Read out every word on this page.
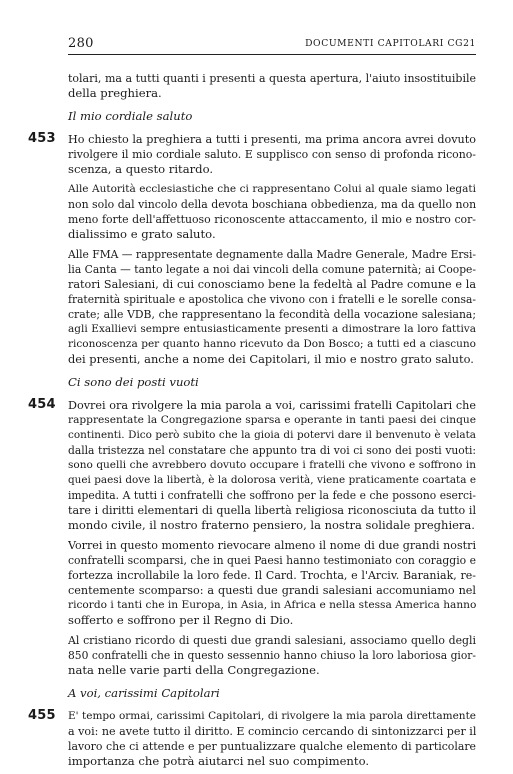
280	DOCUMENTI CAPITOLARI CG21
tolari, ma a tutti quanti i presenti a questa apertura, l'aiuto insostituibile
della preghiera.
Il mio cordiale saluto
453 Ho chiesto la preghiera a tutti i presenti, ma prima ancora avrei dovuto
rivolgere il mio cordiale saluto. E supplisco con senso di profonda ricono-
scenza, a questo ritardo.
Alle Autorità ecclesiastiche che ci rappresentano Colui al quale siamo legati
non solo dal vincolo della devota boschiana obbedienza, ma da quello non
meno forte dell'affettuoso riconoscente attaccamento, il mio e nostro cor-
dialissimo e grato saluto.
Alle FMA — rappresentate degnamente dalla Madre Generale, Madre Ersi-
lia Canta — tanto legate a noi dai vincoli della comune paternità; ai Coope-
ratori Salesiani, di cui conosciamo bene la fedeltà al Padre comune e la
fraternità spirituale e apostolica che vivono con i fratelli e le sorelle consa-
crate; alle VDB, che rappresentano la fecondità della vocazione salesiana;
agli Exallievi sempre entusiasticamente presenti a dimostrare la loro fattiva
riconoscenza per quanto hanno ricevuto da Don Bosco; a tutti ed a ciascuno
dei presenti, anche a nome dei Capitolari, il mio e nostro grato saluto.
Ci sono dei posti vuoti
454 Dovrei ora rivolgere la mia parola a voi, carissimi fratelli Capitolari che
rappresentate la Congregazione sparsa e operante in tanti paesi dei cinque
continenti. Dico però subito che la gioia di potervi dare il benvenuto è velata
dalla tristezza nel constatare che appunto tra di voi ci sono dei posti vuoti:
sono quelli che avrebbero dovuto occupare i fratelli che vivono e soffrono in
quei paesi dove la libertà, è la dolorosa verità, viene praticamente coartata e
impedita. A tutti i confratelli che soffrono per la fede e che possono eserci-
tare i diritti elementari di quella libertà religiosa riconosciuta da tutto il
mondo civile, il nostro fraterno pensiero, la nostra solidale preghiera.
Vorrei in questo momento rievocare almeno il nome di due grandi nostri
confratelli scomparsi, che in quei Paesi hanno testimoniato con coraggio e
fortezza incrollabile la loro fede. Il Card. Trochta, e l'Arciv. Baraniak, re-
centemente scomparso: a questi due grandi salesiani accomuniamo nel
ricordo i tanti che in Europa, in Asia, in Africa e nella stessa America hanno
sofferto e soffrono per il Regno di Dio.
Al cristiano ricordo di questi due grandi salesiani, associamo quello degli
850 confratelli che in questo sessennio hanno chiuso la loro laboriosa gior-
nata nelle varie parti della Congregazione.
A voi, carissimi Capitolari
455 E' tempo ormai, carissimi Capitolari, di rivolgere la mia parola direttamente
a voi: ne avete tutto il diritto. E comincio cercando di sintonizzarci per il
lavoro che ci attende e per puntualizzare qualche elemento di particolare
importanza che potrà aiutarci nel suo compimento.
